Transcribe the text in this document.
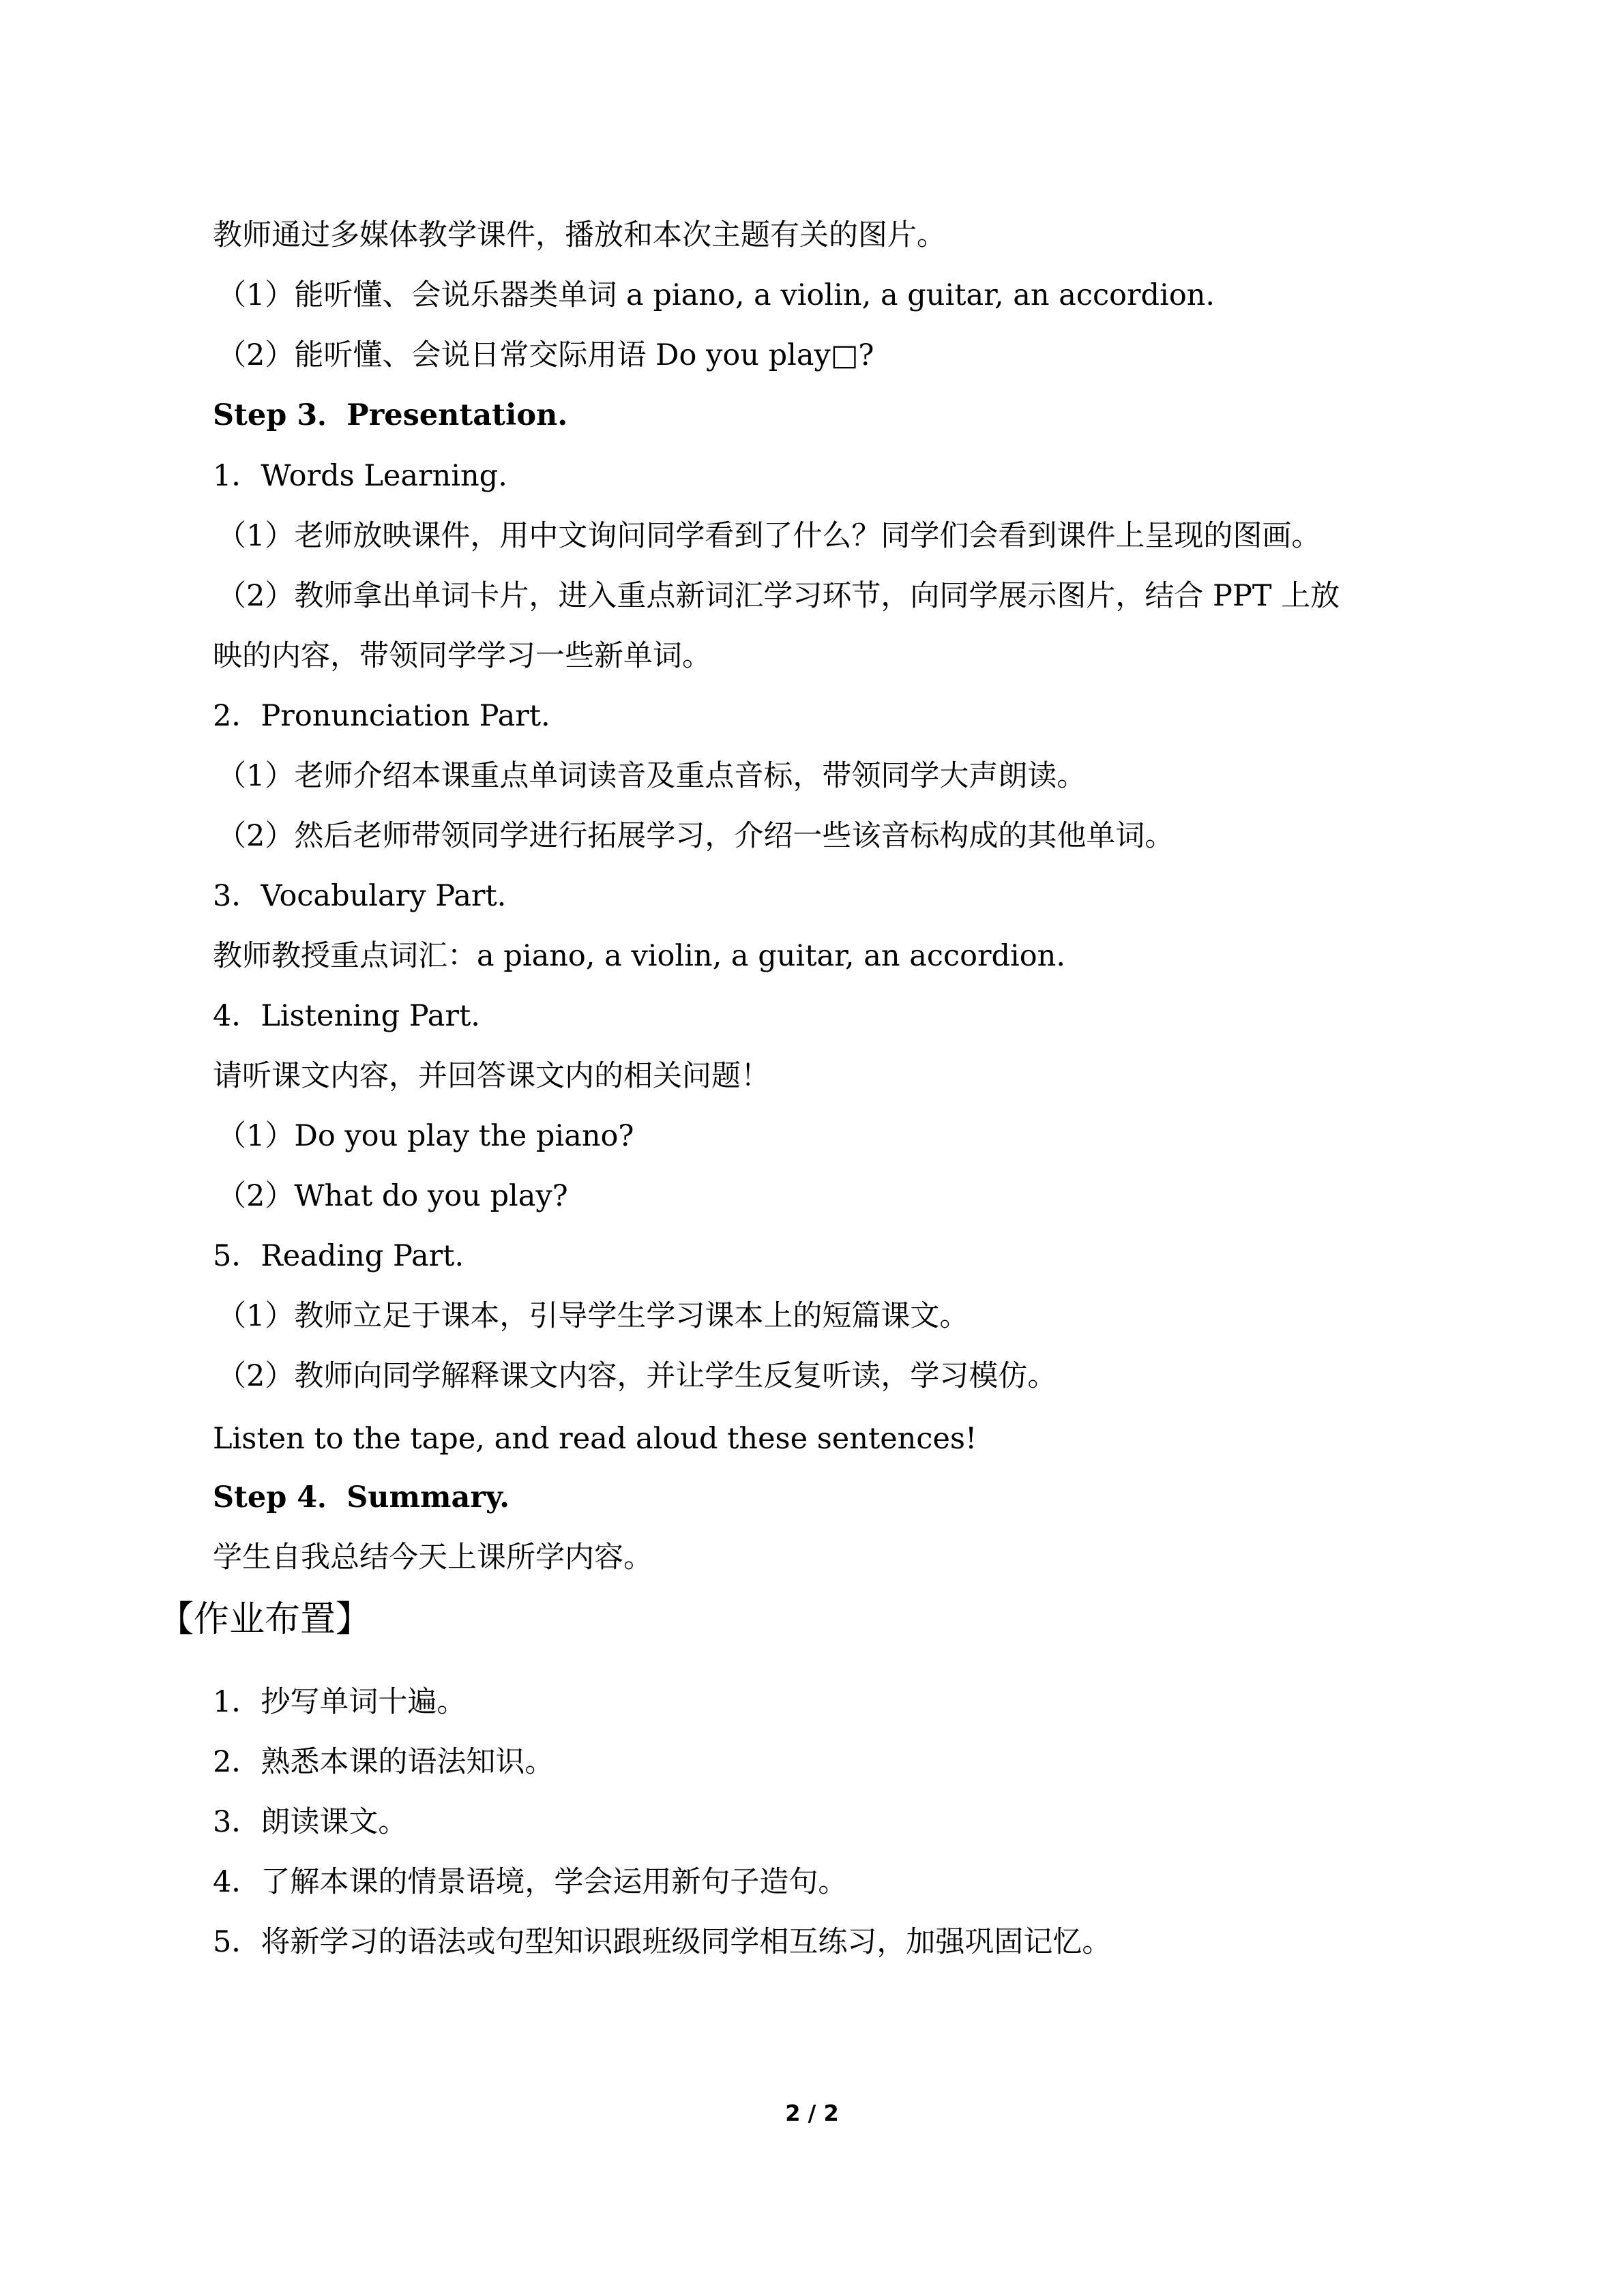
教师通过多媒体教学课件，播放和本次主题有关的图片。
（1）能听懂、会说乐器类单词 a piano, a violin, a guitar, an accordion.
（2）能听懂、会说日常交际用语 Do you play□?
Step 3．Presentation.
1．Words Learning.
（1）老师放映课件，用中文询问同学看到了什么？同学们会看到课件上呈现的图画。
（2）教师拿出单词卡片，进入重点新词汇学习环节，向同学展示图片，结合 PPT 上放
映的内容，带领同学学习一些新单词。
2．Pronunciation Part.
（1）老师介绍本课重点单词读音及重点音标，带领同学大声朗读。
（2）然后老师带领同学进行拓展学习，介绍一些该音标构成的其他单词。
3．Vocabulary Part.
教师教授重点词汇：a piano, a violin, a guitar, an accordion.
4．Listening Part.
请听课文内容，并回答课文内的相关问题！
（1）Do you play the piano?
（2）What do you play?
5．Reading Part.
（1）教师立足于课本，引导学生学习课本上的短篇课文。
（2）教师向同学解释课文内容，并让学生反复听读，学习模仿。
Listen to the tape, and read aloud these sentences!
Step 4．Summary.
学生自我总结今天上课所学内容。
【作业布置】
1．抄写单词十遍。
2．熟悉本课的语法知识。
3．朗读课文。
4．了解本课的情景语境，学会运用新句子造句。
5．将新学习的语法或句型知识跟班级同学相互练习，加强巩固记忆。
2 / 2
